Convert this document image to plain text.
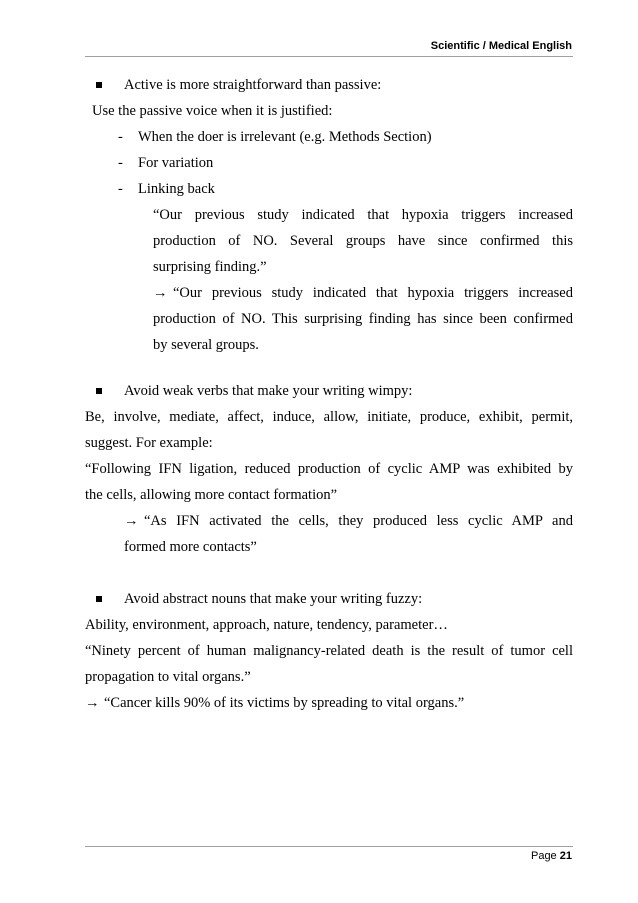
Scientific / Medical English
Active is more straightforward than passive:
Use the passive voice when it is justified:
- When the doer is irrelevant (e.g. Methods Section)
- For variation
- Linking back
“Our previous study indicated that hypoxia triggers increased
production of NO. Several groups have since confirmed this
surprising finding.”
→ “Our previous study indicated that hypoxia triggers increased
production of NO. This surprising finding has since been confirmed
by several groups.
Avoid weak verbs that make your writing wimpy:
Be, involve, mediate, affect, induce, allow, initiate, produce, exhibit, permit,
suggest. For example:
“Following IFN ligation, reduced production of cyclic AMP was exhibited by
the cells, allowing more contact formation”
→ “As IFN activated the cells, they produced less cyclic AMP and
formed more contacts”
Avoid abstract nouns that make your writing fuzzy:
Ability, environment, approach, nature, tendency, parameter…
“Ninety percent of human malignancy-related death is the result of tumor cell
propagation to vital organs.”
→ “Cancer kills 90% of its victims by spreading to vital organs.”
Page 21
